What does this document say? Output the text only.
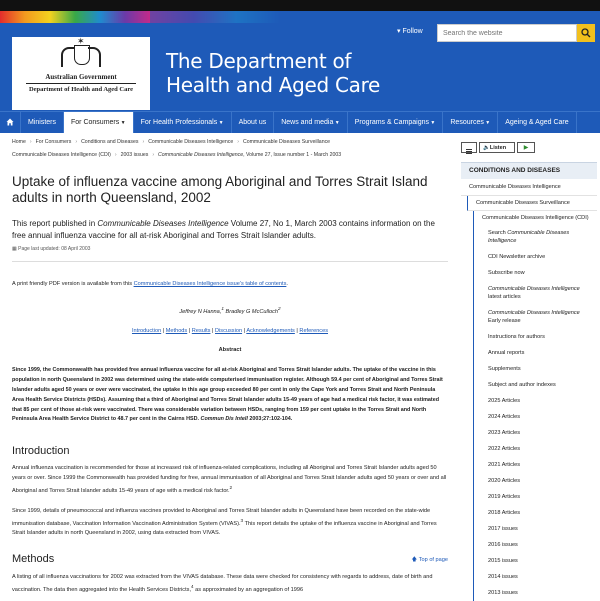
✶
Australian Government
Department of Health and Aged Care
The Department of
Health and Aged Care
▾ Follow
Search the website
Ministers	For Consumers ▼	For Health Professionals ▼	About us	News and media ▼	Programs & Campaigns ▼	Resources ▼	Ageing & Aged Care
Home › For Consumers › Conditions and Diseases › Communicable Diseases Intelligence › Communicable Diseases Surveillance
Communicable Diseases Intelligence (CDI) › 2003 issues › Communicable Diseases Intelligence, Volume 27, Issue number 1 - March 2003
Uptake of influenza vaccine among Aboriginal and Torres Strait Island adults in north Queensland, 2002

This report published in Communicable Diseases Intelligence Volume 27, No 1, March 2003 contains information on the free annual influenza vaccine for all at-risk Aboriginal and Torres Strait Islander adults.

▦ Page last updated: 08 April 2003

A print friendly PDF version is available from this Communicable Diseases Intelligence issue's table of contents.

Jeffrey N Hanna,$^1$ Bradley G McCulloch$^2$

Introduction | Methods | Results | Discussion | Acknowledgements | References

Abstract

Since 1999, the Commonwealth has provided free annual influenza vaccine for all at-risk Aboriginal and Torres Strait Islander adults. The uptake of the vaccine in this population in north Queensland in 2002 was determined using the state-wide computerised immunisation register. Although 59.4 per cent of Aboriginal and Torres Strait Islander adults aged 50 years or over were vaccinated, the uptake in this age group exceeded 80 per cent in only the Cape York and Torres Strait and North Peninsula Area Health Service Districts (HSDs). Assuming that a third of Aboriginal and Torres Strait Islander adults 15-49 years of age had a medical risk factor, it was estimated that 85 per cent of those at-risk were vaccinated. There was considerable variation between HSDs, ranging from 159 per cent uptake in the Torres Strait and North Peninsula Area Health Service District to 48.7 per cent in the Cairns HSD. Commun Dis Intell 2003;27:102-104.

Introduction

Annual influenza vaccination is recommended for those at increased risk of influenza-related complications, including all Aboriginal and Torres Strait Islander adults aged 50 years or over. Since 1999 the Commonwealth has provided funding for free, annual immunisation of all Aboriginal and Torres Strait Islander adults aged 50 years or over and all Aboriginal and Torres Strait Islander adults 15-49 years of age with a medical risk factor.$^2$

Since 1999, details of pneumococcal and influenza vaccines provided to Aboriginal and Torres Strait Islander adults in Queensland have been recorded on the state-wide immunisation database, Vaccination Information Vaccination Administration System (VIVAS).$^3$ This report details the uptake of the influenza vaccine in Aboriginal and Torres Strait Islander adults in north Queensland in 2002, using data extracted from VIVAS.

Methods	🡅 Top of page

A listing of all influenza vaccinations for 2002 was extracted from the VIVAS database. These data were checked for consistency with regards to address, date of birth and vaccination. The data then aggregated into the Health Services Districts,$^4$ as approximated by an aggregation of 1996

🔈Listen	▶
CONDITIONS AND DISEASES
Communicable Diseases Intelligence
Communicable Diseases Surveillance
Communicable Diseases Intelligence (CDI)
Search Communicable Diseases Intelligence
CDI Newsletter archive
Subscribe now
Communicable Diseases Intelligence latest articles
Communicable Diseases Intelligence Early release
Instructions for authors
Annual reports
Supplements
Subject and author indexes
2025 Articles
2024 Articles
2023 Articles
2022 Articles
2021 Articles
2020 Articles
2019 Articles
2018 Articles
2017 issues
2016 issues
2015 issues
2014 issues
2013 issues
